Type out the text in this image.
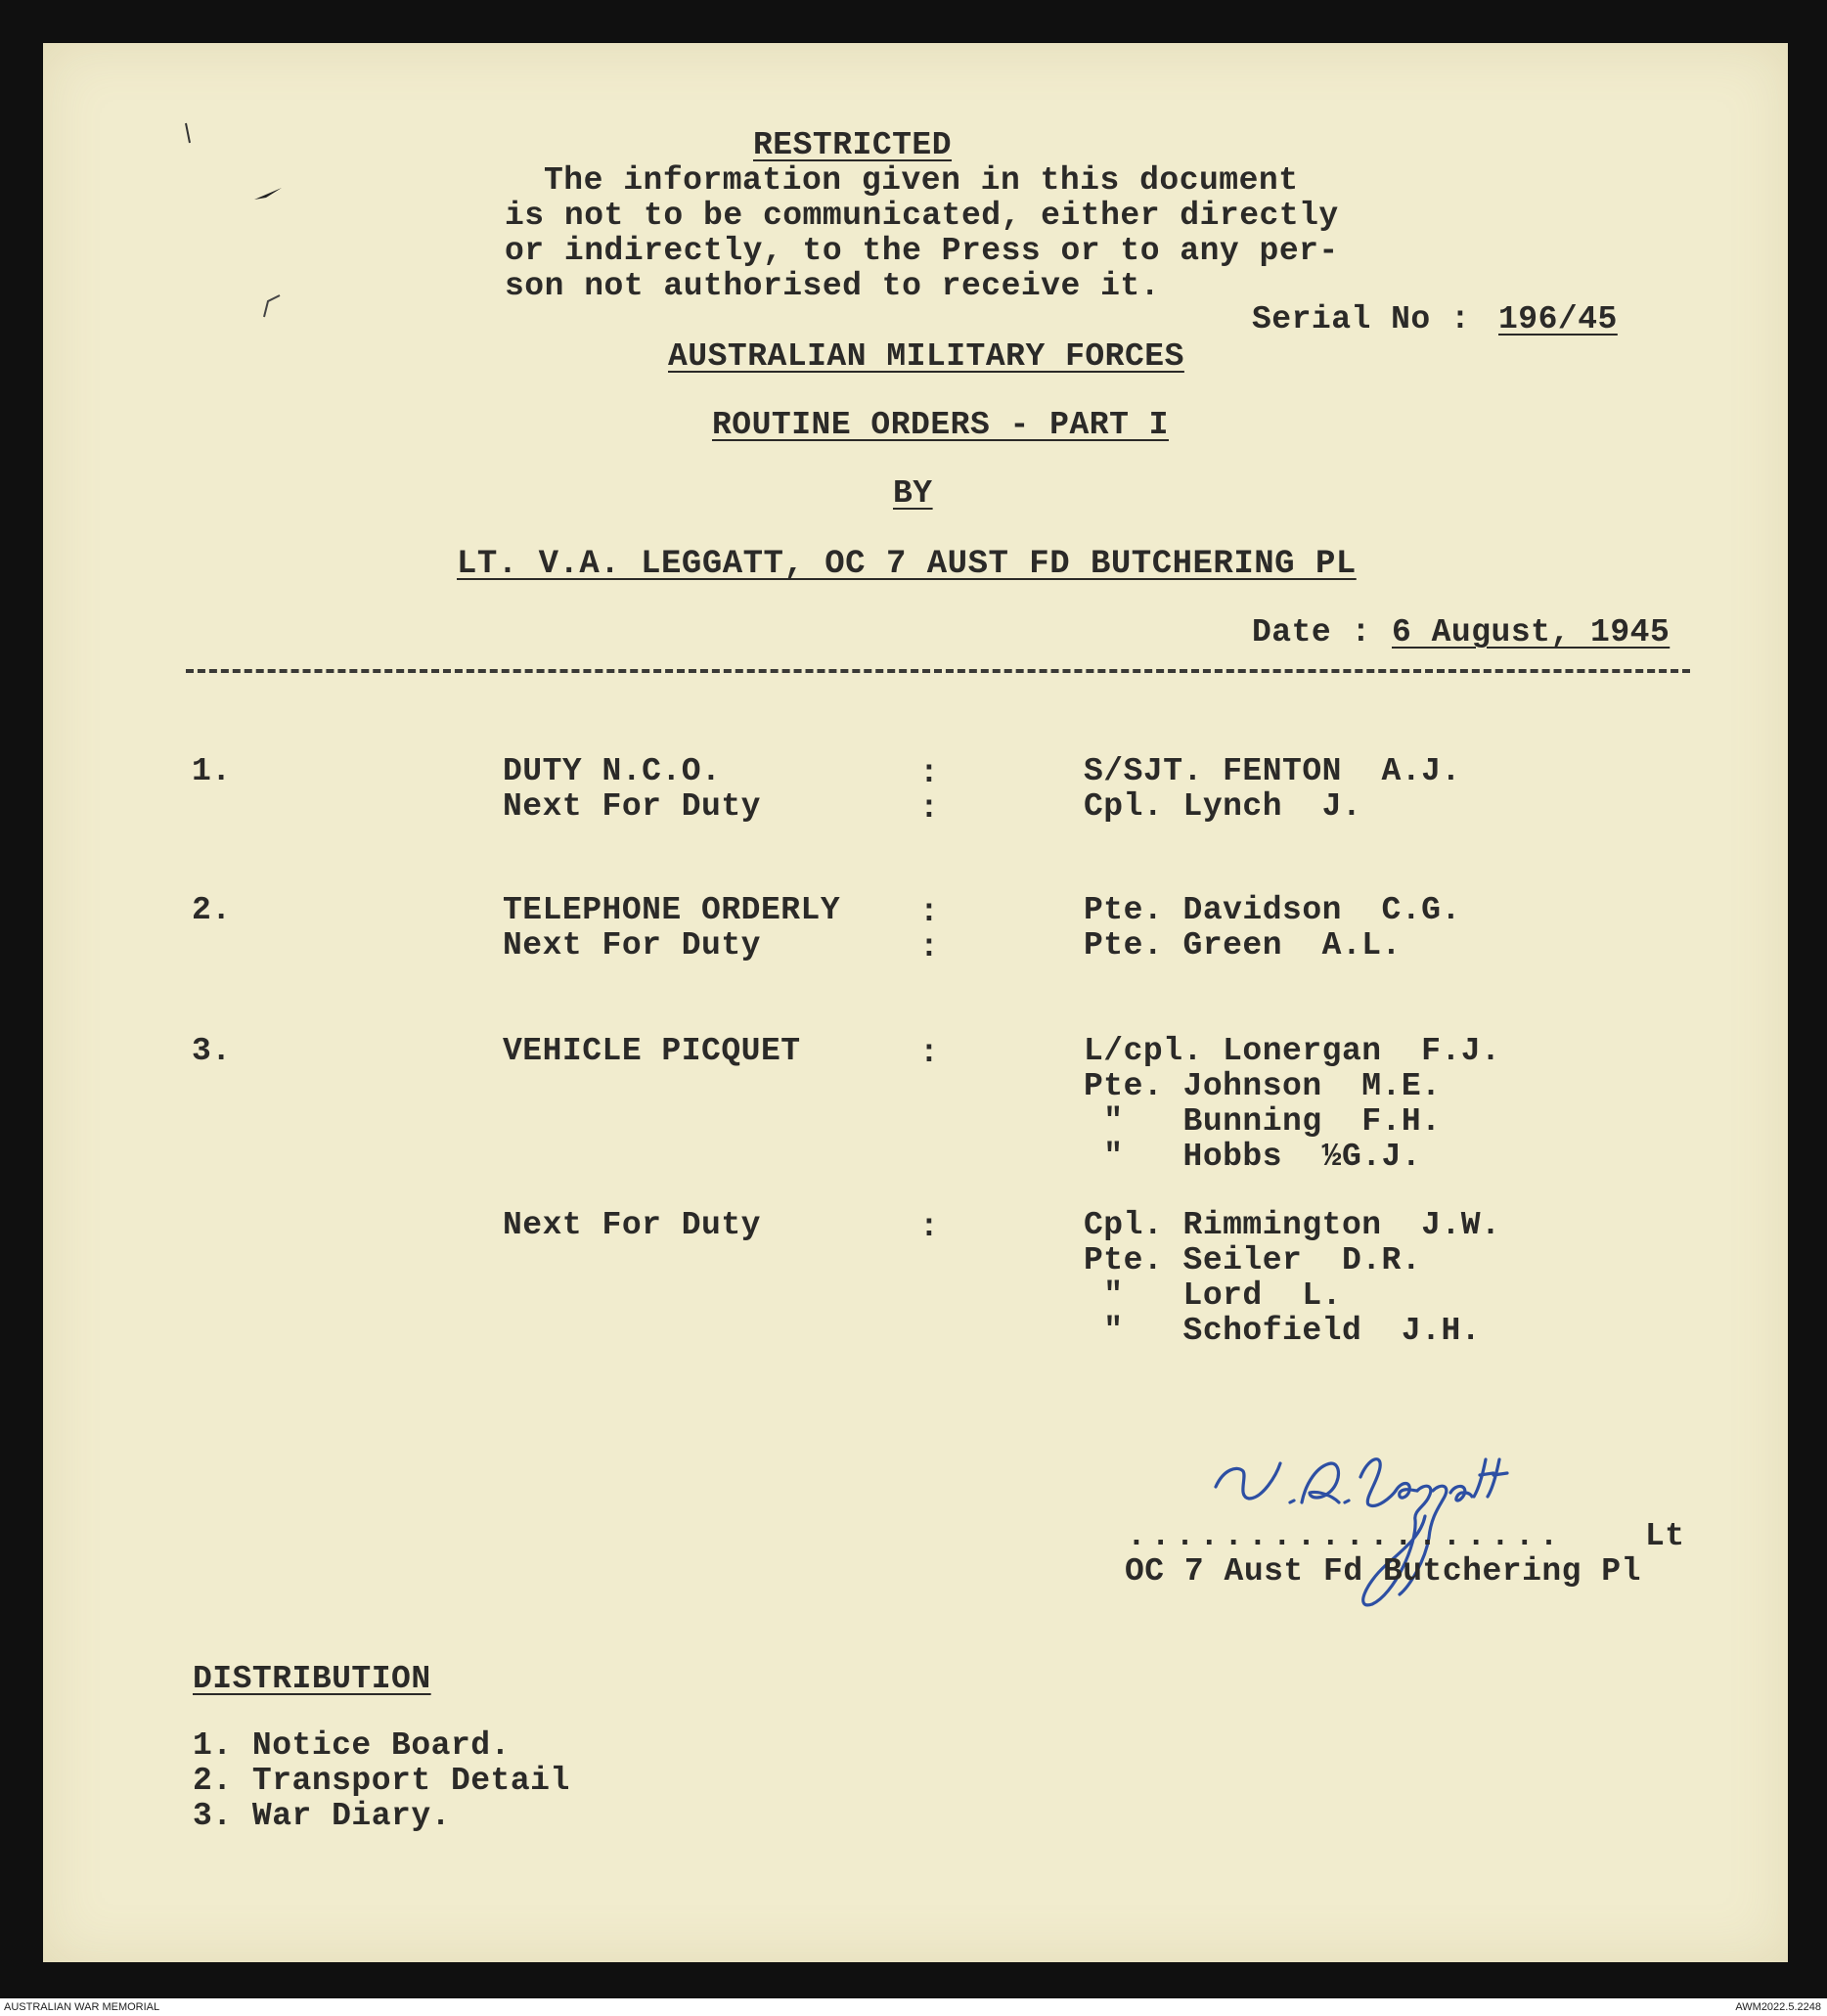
RESTRICTED
The information given in this document
is not to be communicated, either directly
or indirectly, to the Press or to any per-
son not authorised to receive it.
Serial No : 196/45
AUSTRALIAN MILITARY FORCES
ROUTINE ORDERS - PART I
BY
LT. V.A. LEGGATT, OC 7 AUST FD BUTCHERING PL
Date : 6 August, 1945
1.	DUTY N.C.O.	:	S/SJT. FENTON  A.J.
Next For Duty	:	Cpl. Lynch  J.
2.	TELEPHONE ORDERLY :	Pte. Davidson  C.G.
Next For Duty	:	Pte. Green  A.L.
3.	VEHICLE PICQUET	:	L/cpl. Lonergan  F.J.
Pte. Johnson  M.E.
"   Bunning  F.H.
"   Hobbs  ½G.J.
Next For Duty	:	Cpl. Rimmington  J.W.
Pte. Seiler  D.R.
"   Lord  L.
"   Schofield  J.H.
..................	Lt
OC 7 Aust Fd Butchering Pl
DISTRIBUTION
1. Notice Board.
2. Transport Detail
3. War Diary.
AUSTRALIAN WAR MEMORIAL	AWM2022.5.2248
